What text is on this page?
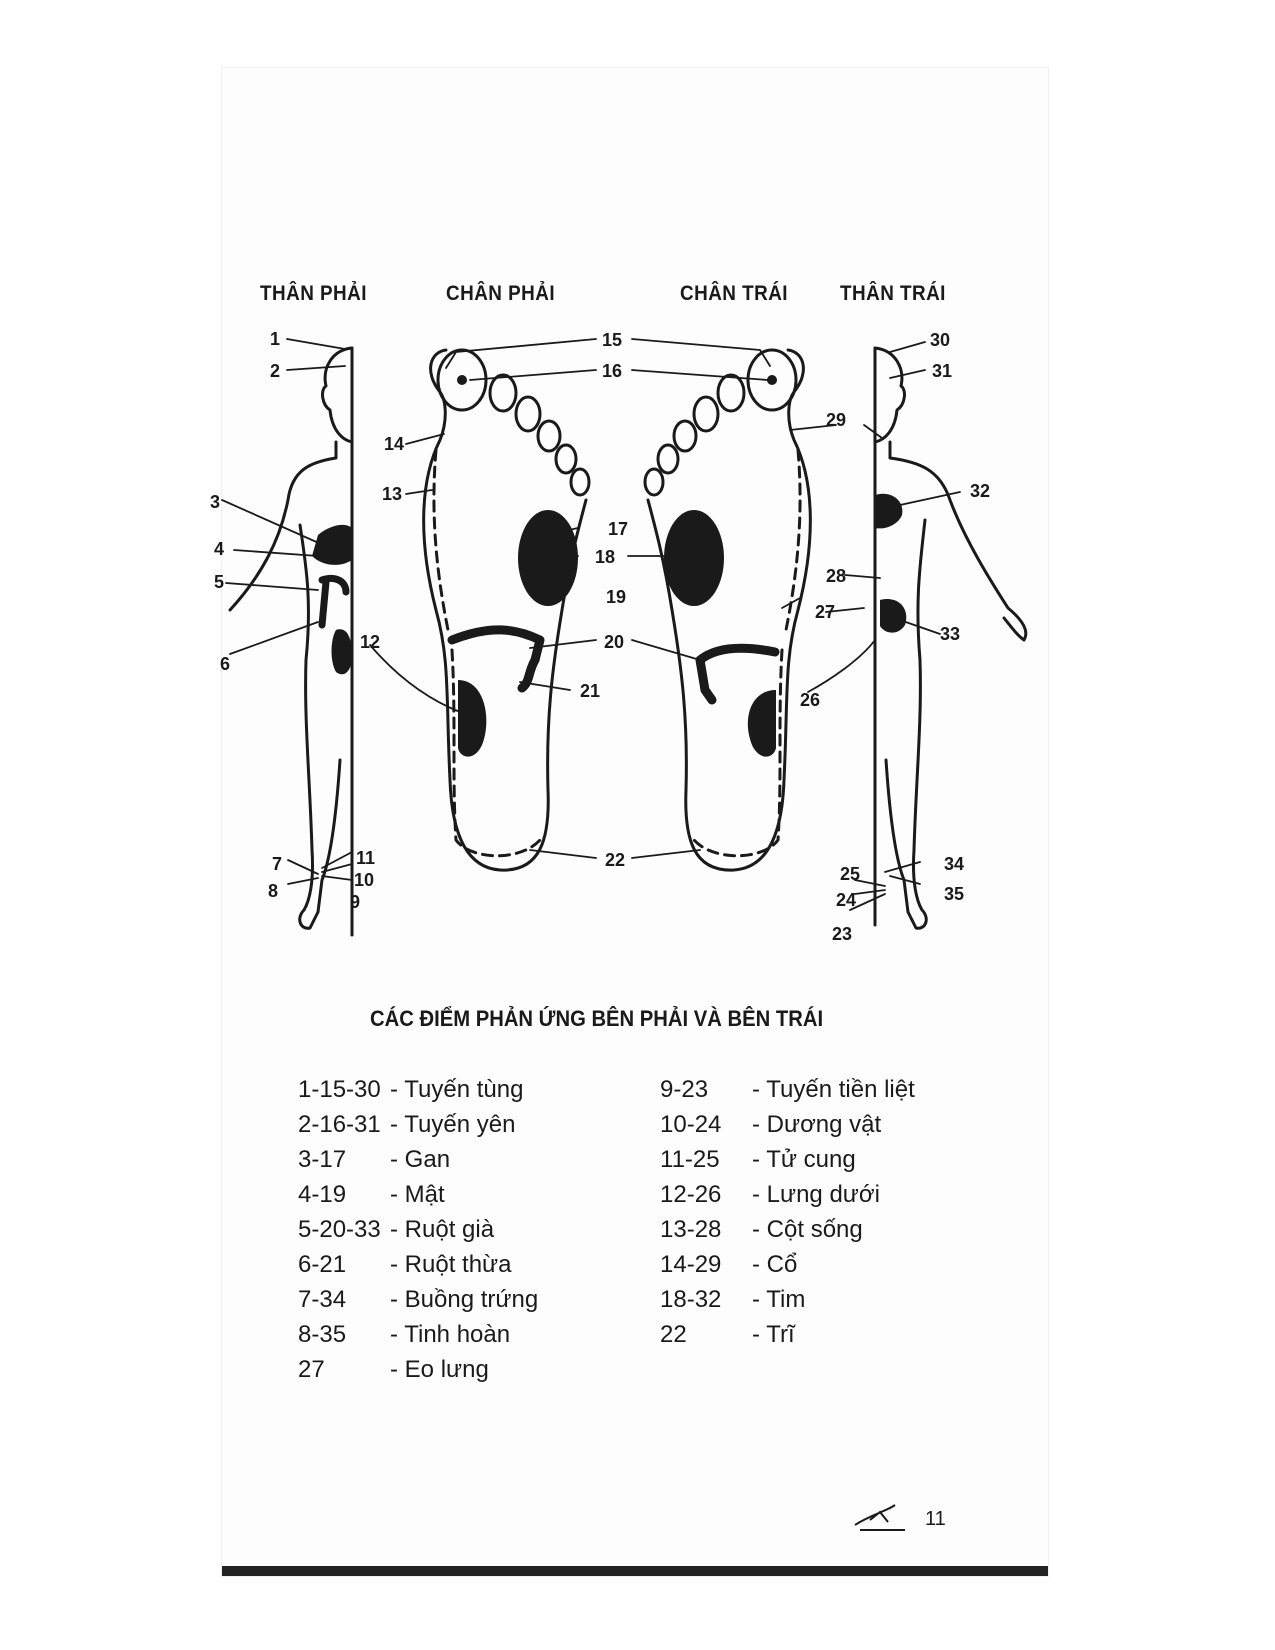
1
2
3
4
5
6
7
8
9
10
11
12
13
14
15
16
17
18
19
20
21
22
23
24
25
26
27
28
29
30
31
32
33
34
35
THÂN PHẢI	CHÂN PHẢI	CHÂN TRÁI THÂN TRÁI
CÁC ĐIỂM PHẢN ỨNG BÊN PHẢI VÀ BÊN TRÁI
1-15-30 - Tuyến tùng
2-16-31 - Tuyến yên
3-17	- Gan
4-19	- Mật
5-20-33 - Ruột già
6-21	- Ruột thừa
7-34	- Buồng trứng
8-35	- Tinh hoàn
27	- Eo lưng
9-23	- Tuyến tiền liệt
10-24	- Dương vật
11-25	- Tử cung
12-26	- Lưng dưới
13-28	- Cột sống
14-29	- Cổ
18-32	- Tim
22	- Trĩ
11
